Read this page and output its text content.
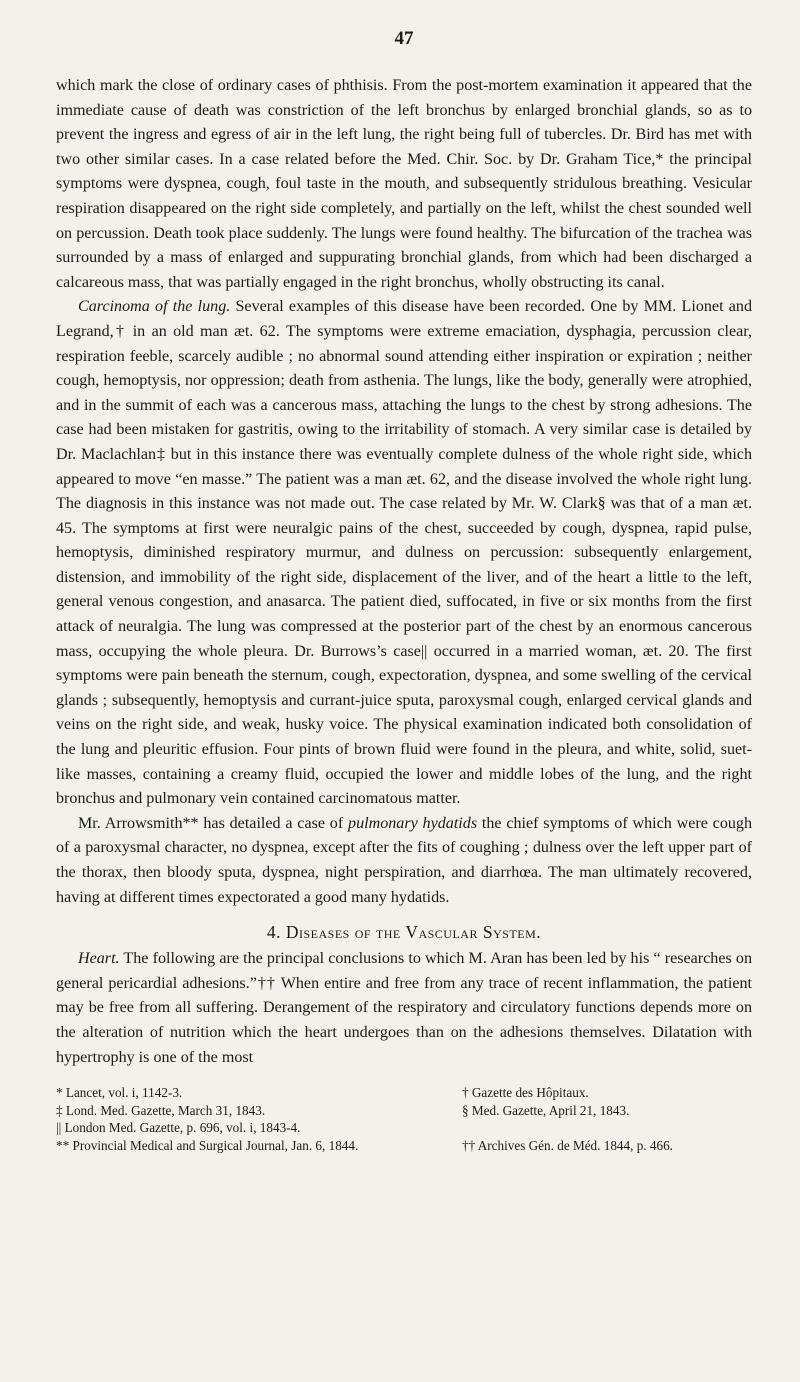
47

which mark the close of ordinary cases of phthisis. From the post-mortem examination it appeared that the immediate cause of death was constriction of the left bronchus by enlarged bronchial glands, so as to prevent the ingress and egress of air in the left lung, the right being full of tubercles. Dr. Bird has met with two other similar cases. In a case related before the Med. Chir. Soc. by Dr. Graham Tice,* the principal symptoms were dyspnea, cough, foul taste in the mouth, and subsequently stridulous breathing. Vesicular respiration disappeared on the right side completely, and partially on the left, whilst the chest sounded well on percussion. Death took place suddenly. The lungs were found healthy. The bifurcation of the trachea was surrounded by a mass of enlarged and suppurating bronchial glands, from which had been discharged a calcareous mass, that was partially engaged in the right bronchus, wholly obstructing its canal.

Carcinoma of the lung. Several examples of this disease have been recorded. One by MM. Lionet and Legrand,† in an old man æt. 62. The symptoms were extreme emaciation, dysphagia, percussion clear, respiration feeble, scarcely audible ; no abnormal sound attending either inspiration or expiration ; neither cough, hemoptysis, nor oppression; death from asthenia. The lungs, like the body, generally were atrophied, and in the summit of each was a cancerous mass, attaching the lungs to the chest by strong adhesions. The case had been mistaken for gastritis, owing to the irritability of stomach. A very similar case is detailed by Dr. Maclachlan‡ but in this instance there was eventually complete dulness of the whole right side, which appeared to move “en masse.” The patient was a man æt. 62, and the disease involved the whole right lung. The diagnosis in this instance was not made out. The case related by Mr. W. Clark§ was that of a man æt. 45. The symptoms at first were neuralgic pains of the chest, succeeded by cough, dyspnea, rapid pulse, hemoptysis, diminished respiratory murmur, and dulness on percussion: subsequently enlargement, distension, and immobility of the right side, displacement of the liver, and of the heart a little to the left, general venous congestion, and anasarca. The patient died, suffocated, in five or six months from the first attack of neuralgia. The lung was compressed at the posterior part of the chest by an enormous cancerous mass, occupying the whole pleura. Dr. Burrows’s case|| occurred in a married woman, æt. 20. The first symptoms were pain beneath the sternum, cough, expectoration, dyspnea, and some swelling of the cervical glands ; subsequently, hemoptysis and currant-juice sputa, paroxysmal cough, enlarged cervical glands and veins on the right side, and weak, husky voice. The physical examination indicated both consolidation of the lung and pleuritic effusion. Four pints of brown fluid were found in the pleura, and white, solid, suet-like masses, containing a creamy fluid, occupied the lower and middle lobes of the lung, and the right bronchus and pulmonary vein contained carcinomatous matter.

Mr. Arrowsmith** has detailed a case of pulmonary hydatids the chief symptoms of which were cough of a paroxysmal character, no dyspnea, except after the fits of coughing ; dulness over the left upper part of the thorax, then bloody sputa, dyspnea, night perspiration, and diarrhœa. The man ultimately recovered, having at different times expectorated a good many hydatids.

4. Diseases of the Vascular System.

Heart. The following are the principal conclusions to which M. Aran has been led by his “ researches on general pericardial adhesions.”†† When entire and free from any trace of recent inflammation, the patient may be free from all suffering. Derangement of the respiratory and circulatory functions depends more on the alteration of nutrition which the heart undergoes than on the adhesions themselves. Dilatation with hypertrophy is one of the most

* Lancet, vol. i, 1142-3.	† Gazette des Hôpitaux.
‡ Lond. Med. Gazette, March 31, 1843.	§ Med. Gazette, April 21, 1843.
|| London Med. Gazette, p. 696, vol. i, 1843-4.
** Provincial Medical and Surgical Journal, Jan. 6, 1844.	†† Archives Gén. de Méd. 1844, p. 466.
